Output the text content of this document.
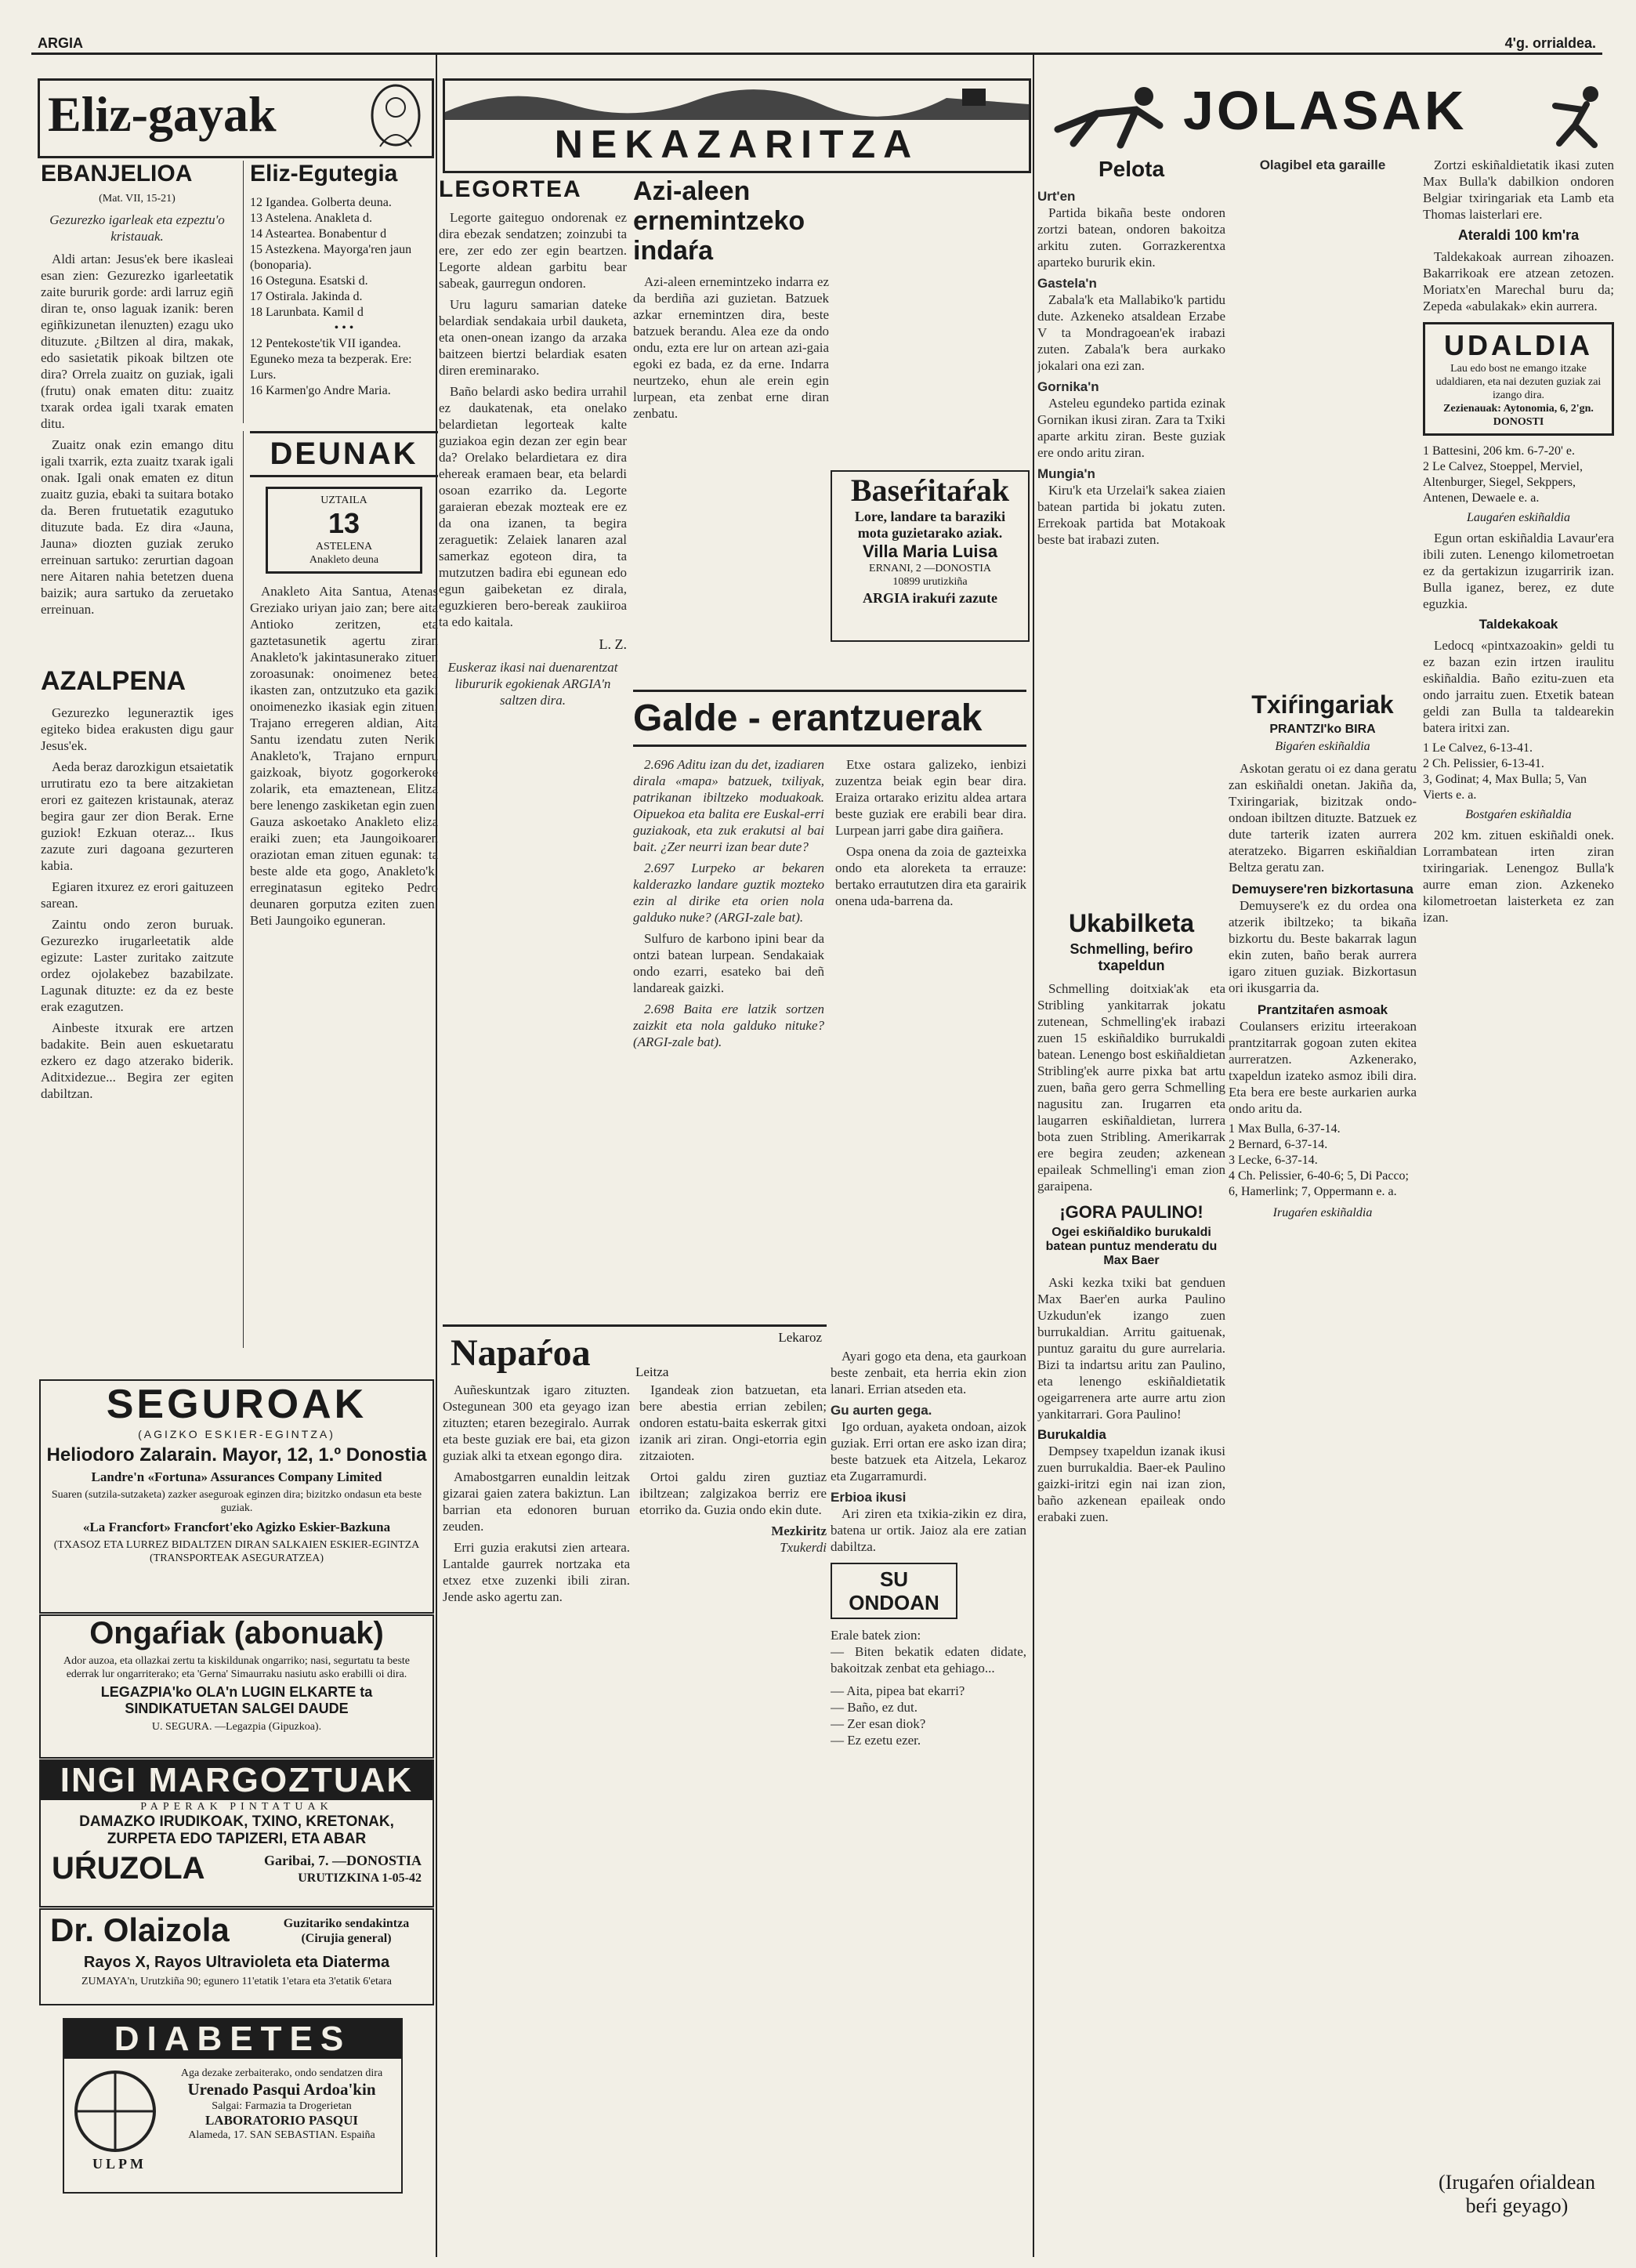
ARGIA	4'g. orrialdea.
Eliz-gayak
EBANJELIOA
(Mat. VII, 15-21)
Gezurezko igarleak eta ezpeztu'o kristauak.

Aldi artan: Jesus'ek bere ikasleai esan zien: Gezurezko igarleetatik zaite bururik gorde: ardi larruz egiñ diran te, onso laguak izanik: beren egiñkizunetan ilenuzten) ezagu uko dituzute. ¿Biltzen al dira, makak, edo sasietatik pikoak biltzen ote dira? Orrela zuaitz on guziak, igali (frutu) onak ematen ditu: zuaitz txarak ordea igali txarak ematen ditu.

Zuaitz onak ezin emango ditu igali txarrik, ezta zuaitz txarak igali onak. Igali onak ematen ez ditun zuaitz guzia, ebaki ta suitara botako da. Beren frutuetatik ezagutuko dituzute bada. Ez dira «Jauna, Jauna» diozten guziak zeruko erreinuan sartuko: zerurtian dagoan nere Aitaren nahia betetzen duena baizik; aura sartuko da zeruetako erreinuan.

Eliz-Egutegia
12 Igandea. Golberta deuna.
13 Astelena. Anakleta d.
14 Asteartea. Bonabentur d
15 Astezkena. Mayorga'ren jaun (bonoparia).
16 Osteguna. Esatski d.
17 Ostirala. Jakinda d.
18 Larunbata. Kamil d
• • •
12 Pentekoste'tik VII igandea. Eguneko meza ta bezperak. Ere: Lurs.
16 Karmen'go Andre Maria.
DEUNAK
UZTAILA
13
ASTELENA
Anakleto deuna

Anakleto Aita Santua, Atenas Greziako uriyan jaio zan; bere aita Antioko zeritzen, eta gaztetasunetik agertu ziran Anakleto'k jakintasunerako zituen zoroasunak: onoimenez betea ikasten zan, ontzutzuko eta gaziki onoimenezko ikasiak egin zituen; Trajano erregeren aldian, Aita Santu izendatu zuten Nerik. Anakleto'k, Trajano ernpuru gaizkoak, biyotz gogorkeroke zolarik, eta emaztenean, Elitza bere lenengo zaskiketan egin zuen. Gauza askoetako Anakleto eliza eraiki zuen; eta Jaungoikoaren oraziotan eman zituen egunak: ta beste alde eta gogo, Anakleto'k, erreginatasun egiteko Pedro deunaren gorputza eziten zuen. Beti Jaungoiko eguneran.

AZALPENA

Gezurezko leguneraztik iges egiteko bidea erakusten digu gaur Jesus'ek.

Aeda beraz darozkigun etsaietatik urrutiratu ezo ta bere aitzakietan erori ez gaitezen kristaunak, ateraz begira gaur zer dion Berak. Erne guziok! Ezkuan oteraz... Ikus zazute zuri dagoana gezurteren kabia.

Egiaren itxurez ez erori gaituzeen sarean.

Zaintu ondo zeron buruak. Gezurezko irugarleetatik alde egizute: Laster zuritako zaitzute ordez ojolakebez bazabilzate. Lagunak dituzte: ez da ez beste erak ezagutzen.

Ainbeste itxurak ere artzen badakite. Bein auen eskuetaratu ezkero ez dago atzerako biderik. Aditxidezue... Begira zer egiten dabiltzan.

SEGUROAK
(AGIZKO ESKIER-EGINTZA)
Heliodoro Zalarain. Mayor, 12, 1.º Donostia
Landre'n «Fortuna» Assurances Company Limited
Suaren (sutzila-sutzaketa) zazker aseguroak eginzen dira; bizitzko ondasun eta beste guziak.
«La Francfort» Francfort'eko Agizko Eskier-Bazkuna
(TXASOZ ETA LURREZ BIDALTZEN DIRAN SALKAIEN ESKIER-EGINTZA (TRANSPORTEAK ASEGURATZEA)
Ongaŕiak (abonuak)
Ador auzoa, eta ollazkai zertu ta kiskildunak ongarriko; nasi, segurtatu ta beste ederrak lur ongarriterako; eta 'Gerna' Simaurraku nasiutu asko erabilli oi dira.
LEGAZPIA'ko OLA'n LUGIN ELKARTE ta SINDIKATUETAN SALGEI DAUDE
U. SEGURA. —Legazpia (Gipuzkoa).
INGI MARGOZTUAK
PAPERAK PINTATUAK
DAMAZKO IRUDIKOAK, TXINO, KRETONAK,
ZURPETA EDO TAPIZERI, ETA ABAR
UŔUZOLA	Garibai, 7. —DONOSTIA
URUTIZKINA 1-05-42
Dr. Olaizola	Guzitariko sendakintza (Cirujia general)
Rayos X, Rayos Ultravioleta eta Diaterma
ZUMAYA'n, Urutzkiña 90; egunero 11'etatik 1'etara eta 3'etatik 6'etara
DIABETES
ULPM
Aga dezake zerbaiterako, ondo sendatzen dira
Urenado Pasqui Ardoa'kin
Salgai: Farmazia ta Drogerietan
LABORATORIO PASQUI
Alameda, 17. SAN SEBASTIAN. Espaiña
NEKAZARITZA
LEGORTEA

Legorte gaiteguo ondorenak ez dira ebezak sendatzen; zoinzubi ta ere, zer edo zer egin beartzen. Legorte aldean garbitu bear sabeak, gaurregun ondoren.

Uru laguru samarian dateke belardiak sendakaia urbil dauketa, eta onen-onean izango da arzaka baitzeen biertzi belardiak esaten diren ereminarako.

Baño belardi asko bedira urrahil ez daukatenak, eta onelako belardietan legorteak kalte guziakoa egin dezan zer egin bear da? Orelako belardietara ez dira ehereak eramaen bear, eta belardi osoan ezarriko da. Legorte garaieran ebezak mozteak ere ez da ona izanen, ta begira zeraguetik: Zelaiek lanaren azal samerkaz egoteon dira, ta mutzutzen badira ebi egunean edo egun gaibeketan ez dirala, eguzkieren bero-bereak zaukiiroa ta edo kaitala.

L. Z.
Euskeraz ikasi nai duenarentzat libururik egokienak ARGIA'n saltzen dira.
Azi-aleen ernemintzeko indaŕa

Azi-aleen ernemintzeko indarra ez da berdiña azi guzietan. Batzuek azkar ernemintzen dira, beste batzuek berandu. Alea eze da ondo ondu, ezta ere lur on artean azi-gaia egoki ez bada, ez da erne. Indarra neurtzeko, ehun ale erein egin lurpean, eta zenbat erne diran zenbatu.

Baseŕitaŕak
Lore, landare ta baraziki
mota guzietarako aziak.
Villa Maria Luisa
ERNANI, 2 —DONOSTIA
10899 urutizkiña
ARGIA irakuŕi zazute
Galde - erantzuerak

2.696 Aditu izan du det, izadiaren dirala «mapa» batzuek, txiliyak, patrikanan ibiltzeko moduakoak. Oipuekoa eta balita ere Euskal-erri guziakoak, eta zuk erakutsi al bai bait. ¿Zer neurri izan bear dute?

2.697 Lurpeko ar bekaren kalderazko landare guztik mozteko ezin al dirike eta orien nola galduko nuke? (ARGI-zale bat).

Sulfuro de karbono ipini bear da ontzi batean lurpean. Sendakaiak ondo ezarri, esateko bai deñ landareak gaizki.

2.698 Baita ere latzik sortzen zaizkit eta nola galduko nituke? (ARGI-zale bat).

Etxe ostara galizeko, ienbizi zuzentza beiak egin bear dira. Eraiza ortarako erizitu aldea artara beste guziak ere erabili bear dira. Lurpean jarri gabe dira gaiñera.

Ospa onena da zoia de gazteixka ondo eta aloreketa ta errauze: bertako erraututzen dira eta garairik onena uda-barrena da.

Napaŕoa	Lekaroz
Leitza

Auñeskuntzak igaro zituzten. Ostegunean 300 eta geyago izan zituzten; etaren bezegiralo. Aurrak eta beste guziak ere bai, eta gizon guziak alki ta etxean egongo dira.

Amabostgarren eunaldin leitzak gizarai gaien zatera bakiztun. Lan barrian eta edonoren buruan zeuden.

Erri guzia erakutsi zien arteara. Lantalde gaurrek nortzaka eta etxez etxe zuzenki ibili ziran. Jende asko agertu zan.

Igandeak zion batzuetan, eta bere abestia errian zebilen; ondoren estatu-baita eskerrak gitxi izanik ari ziran. Ongi-etorria egin zitzaioten.

Ortoi galdu ziren guztiaz ibiltzean; zalgizakoa berriz ere etorriko da. Guzia ondo ekin dute.

Mezkiritz
Txukerdi

Ayari gogo eta dena, eta gaurkoan beste zenbait, eta herria ekin zion lanari. Errian atseden eta.

Gu aurten gega.

Igo orduan, ayaketa ondoan, aizok guziak. Erri ortan ere asko izan dira; beste batzuek eta Aitzela, Lekaroz eta Zugarramurdi.

Erbioa ikusi

Ari ziren eta txikia-zikin ez dira, batena ur ortik. Jaioz ala ere zatian dabiltza.

SU ONDOAN
Erale batek zion:
— Biten bekatik edaten didate, bakoitzak zenbat eta gehiago...
— Aita, pipea bat ekarri?
— Baño, ez dut.
— Zer esan diok?
— Ez ezetu ezer.
JOLASAK
Pelota
Urt'en

Partida bikaña beste ondoren zortzi batean, ondoren bakoitza arkitu zuten. Gorrazkerentxa aparteko bururik ekin.

Gastela'n

Zabala'k eta Mallabiko'k partidu dute. Azkeneko atsaldean Erzabe V ta Mondragoean'ek irabazi zuten. Zabala'k bera aurkako jokalari ona ezi zan.

Gornika'n

Asteleu egundeko partida ezinak Gornikan ikusi ziran. Zara ta Txiki aparte arkitu ziran. Beste guziak ere ondo aritu ziran.

Mungia'n

Kiru'k eta Urzelai'k sakea ziaien batean partida bi jokatu zuten. Errekoak partida bat Motakoak beste bat irabazi zuten.

Ukabilketa
Schmelling, beŕiro txapeldun

Schmelling doitxiak'ak eta Stribling yankitarrak jokatu zutenean, Schmelling'ek irabazi zuen 15 eskiñaldiko burrukaldi batean. Lenengo bost eskiñaldietan Stribling'ek aurre pixka bat artu zuen, baña gero gerra Schmelling nagusitu zan. Irugarren eta laugarren eskiñaldietan, lurrera bota zuen Stribling. Amerikarrak ere begira zeuden; azkenean epaileak Schmelling'i eman zion garaipena.

¡GORA PAULINO!
Ogei eskiñaldiko burukaldi batean puntuz menderatu du Max Baer

Aski kezka txiki bat genduen Max Baer'en aurka Paulino Uzkudun'ek izango zuen burrukaldian. Arritu gaituenak, puntuz garaitu du gure aurrelaria. Bizi ta indartsu aritu zan Paulino, eta lenengo eskiñaldietatik ogeigarrenera arte aurre artu zion yankitarrari. Gora Paulino!

Burukaldia

Dempsey txapeldun izanak ikusi zuen burrukaldia. Baer-ek Paulino gaizki-iritzi egin nai izan zion, baño azkenean epaileak ondo erabaki zuen.

Olagibel eta garaille
Txiŕingariak
PRANTZI'ko BIRA
Bigaŕen eskiñaldia

Askotan geratu oi ez dana geratu zan eskiñaldi onetan. Jakiña da, Txiringariak, bizitzak ondo-ondoan ibiltzen dituzte. Batzuek ez dute tarterik izaten aurrera ateratzeko. Bigarren eskiñaldian Beltza geratu zan.

Demuysere'ren bizkortasuna

Demuysere'k ez du ordea ona atzerik ibiltzeko; ta bikaña bizkortu du. Beste bakarrak lagun ekin zuten, baño berak aurrera igaro zituen guziak. Bizkortasun ori ikusgarria da.

Prantzitaŕen asmoak

Coulansers erizitu irteerakoan prantzitarrak gogoan zuten ekitea aurreratzen. Azkenerako, txapeldun izateko asmoz ibili dira. Eta bera ere beste aurkarien aurka ondo aritu da.

1 Max Bulla, 6-37-14.
2 Bernard, 6-37-14.
3 Lecke, 6-37-14.
4 Ch. Pelissier, 6-40-6; 5, Di Pacco; 6, Hamerlink; 7, Oppermann e. a.
Irugaŕen eskiñaldia

Zortzi eskiñaldietatik ikasi zuten Max Bulla'k dabilkion ondoren Belgiar txiringariak eta Lamb eta Thomas laisterlari ere.

Ateraldi 100 km'ra

Taldekakoak aurrean zihoazen. Bakarrikoak ere atzean zetozen. Moriatx'en Marechal buru da; Zepeda «abulakak» ekin aurrera.

UDALDIA
Lau edo bost ne emango itzake udaldiaren, eta nai dezuten guziak zai izango dira.
Zezienauak: Aytonomia, 6, 2'gn. DONOSTI
1 Battesini, 206 km. 6-7-20' e.
2 Le Calvez, Stoeppel, Merviel, Altenburger, Siegel, Sekppers, Antenen, Dewaele e. a.
Laugaŕen eskiñaldia

Egun ortan eskiñaldia Lavaur'era ibili zuten. Lenengo kilometroetan ez da gertakizun izugarririk izan. Bulla iganez, berez, ez dute eguzkia.

Taldekakoak

Ledocq «pintxazoakin» geldi tu ez bazan ezin irtzen iraulitu eskiñaldia. Baño ezitu-zuen eta ondo jarraitu zuen. Etxetik batean geldi zan Bulla ta taldearekin batera iritxi zan.

1 Le Calvez, 6-13-41.
2 Ch. Pelissier, 6-13-41.
3, Godinat; 4, Max Bulla; 5, Van Vierts e. a.
Bostgaŕen eskiñaldia

202 km. zituen eskiñaldi onek. Lorrambatean irten ziran txiringariak. Lenengoz Bulla'k aurre eman zion. Azkeneko kilometroetan laisterketa ez zan izan.

(Irugaŕen oŕialdean beŕi geyago)
